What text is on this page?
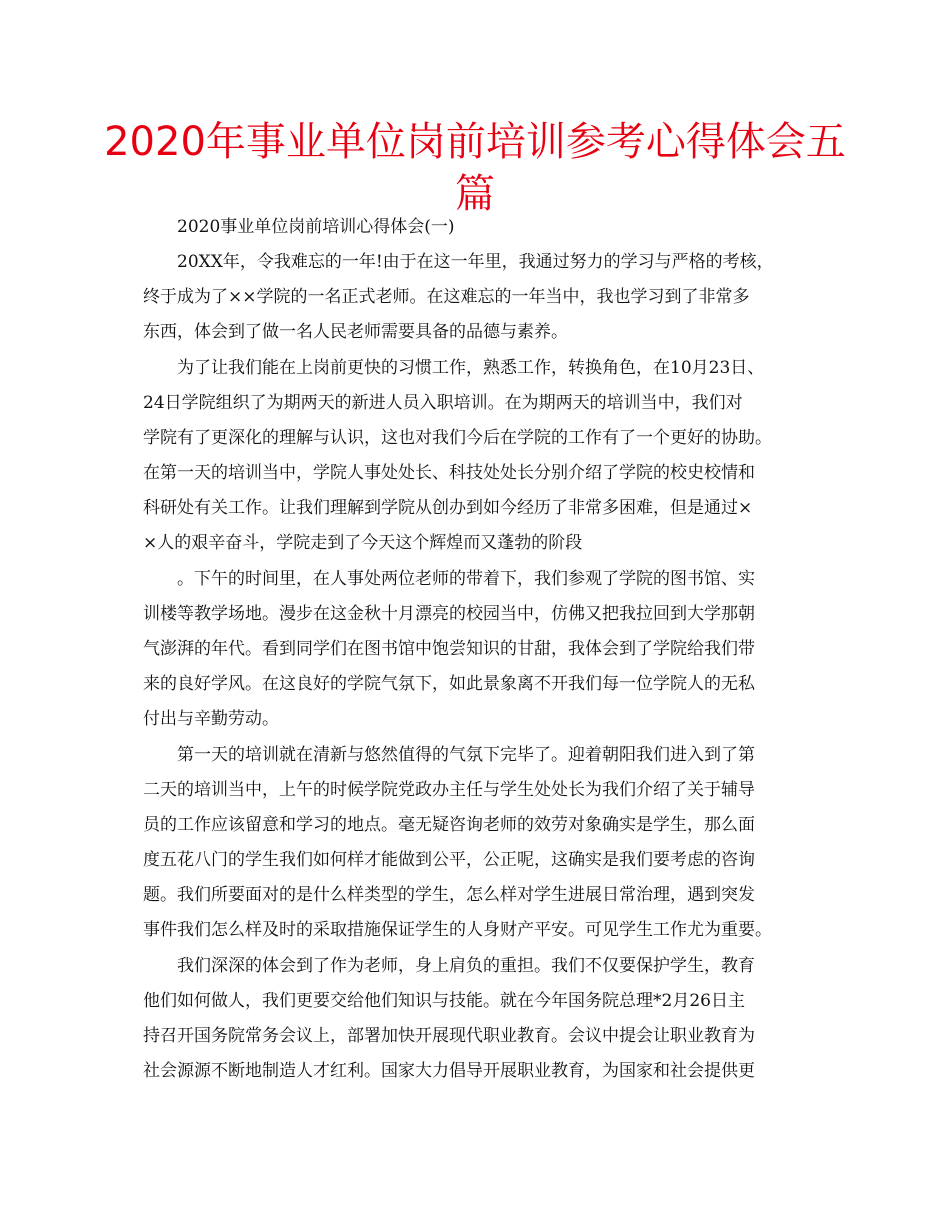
2020年事业单位岗前培训参考心得体会五篇
2020事业单位岗前培训心得体会(一)
20XX年，令我难忘的一年!由于在这一年里，我通过努力的学习与严格的考核，
终于成为了××学院的一名正式老师。在这难忘的一年当中，我也学习到了非常多
东西，体会到了做一名人民老师需要具备的品德与素养。
为了让我们能在上岗前更快的习惯工作，熟悉工作，转换角色，在10月23日、
24日学院组织了为期两天的新进人员入职培训。在为期两天的培训当中，我们对
学院有了更深化的理解与认识，这也对我们今后在学院的工作有了一个更好的协助。
在第一天的培训当中，学院人事处处长、科技处处长分别介绍了学院的校史校情和
科研处有关工作。让我们理解到学院从创办到如今经历了非常多困难，但是通过×
×人的艰辛奋斗，学院走到了今天这个辉煌而又蓬勃的阶段
。下午的时间里，在人事处两位老师的带着下，我们参观了学院的图书馆、实
训楼等教学场地。漫步在这金秋十月漂亮的校园当中，仿佛又把我拉回到大学那朝
气澎湃的年代。看到同学们在图书馆中饱尝知识的甘甜，我体会到了学院给我们带
来的良好学风。在这良好的学院气氛下，如此景象离不开我们每一位学院人的无私
付出与辛勤劳动。
第一天的培训就在清新与悠然值得的气氛下完毕了。迎着朝阳我们进入到了第
二天的培训当中，上午的时候学院党政办主任与学生处处长为我们介绍了关于辅导
员的工作应该留意和学习的地点。毫无疑咨询老师的效劳对象确实是学生，那么面
度五花八门的学生我们如何样才能做到公平，公正呢，这确实是我们要考虑的咨询
题。我们所要面对的是什么样类型的学生，怎么样对学生进展日常治理，遇到突发
事件我们怎么样及时的采取措施保证学生的人身财产平安。可见学生工作尤为重要。
我们深深的体会到了作为老师，身上肩负的重担。我们不仅要保护学生，教育
他们如何做人，我们更要交给他们知识与技能。就在今年国务院总理*2月26日主
持召开国务院常务会议上，部署加快开展现代职业教育。会议中提会让职业教育为
社会源源不断地制造人才红利。国家大力倡导开展职业教育，为国家和社会提供更
